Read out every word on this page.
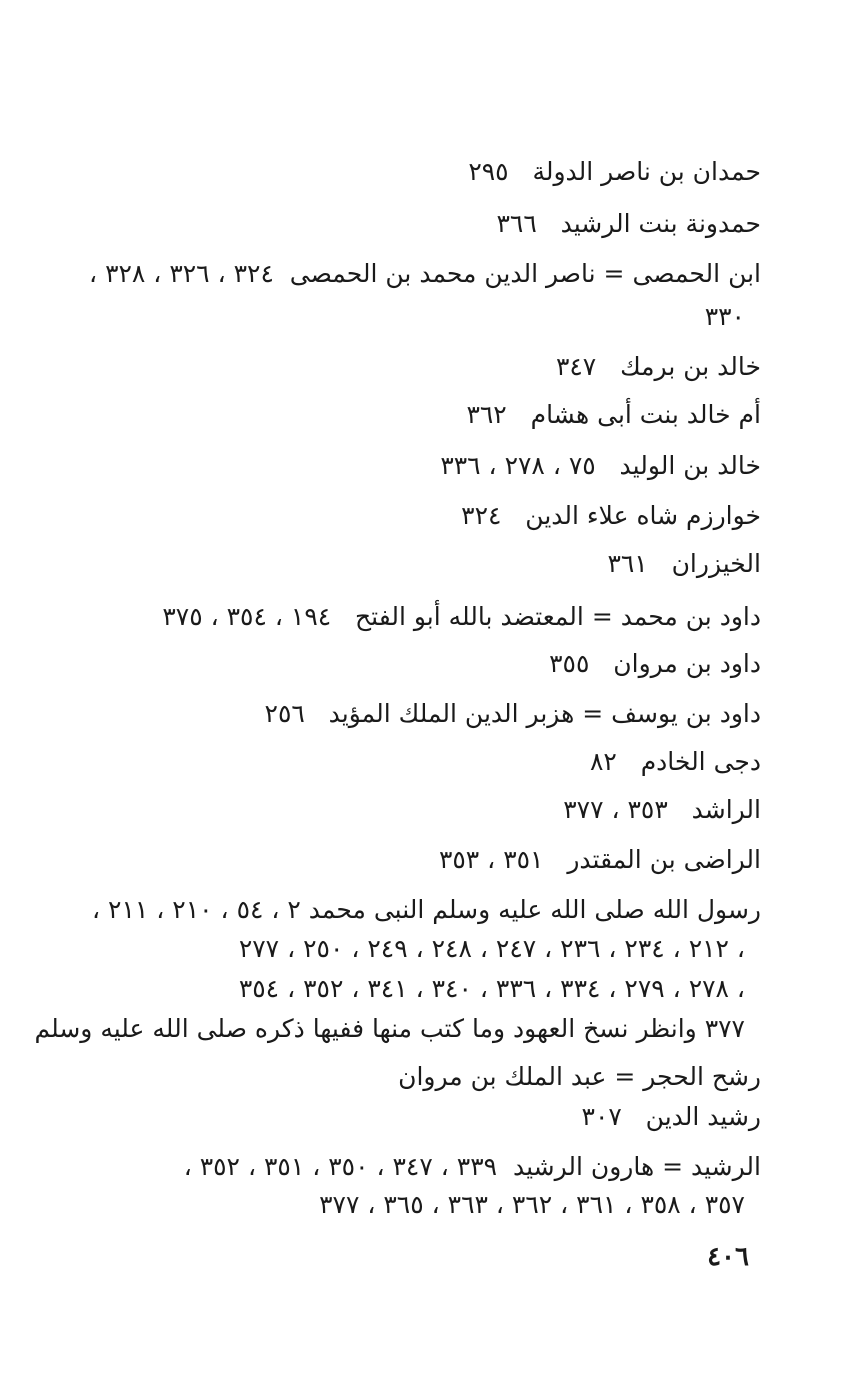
حمدان بن ناصر الدولة   ٢٩٥
حمدونة بنت الرشيد   ٣٦٦
ابن الحمصى = ناصر الدين محمد بن الحمصى  ٣٢٤ ، ٣٢٦ ، ٣٢٨ ،
٣٣٠
خالد بن برمك   ٣٤٧
أم خالد بنت أبى هشام   ٣٦٢
خالد بن الوليد   ٧٥ ، ٢٧٨ ، ٣٣٦
خوارزم شاه علاء الدين   ٣٢٤
الخيزران   ٣٦١
داود بن محمد = المعتضد بالله أبو الفتح   ١٩٤ ، ٣٥٤ ، ٣٧٥
داود بن مروان   ٣٥٥
داود بن يوسف = هزبر الدين الملك المؤيد   ٢٥٦
دجى الخادم   ٨٢
الراشد   ٣٥٣ ، ٣٧٧
الراضى بن المقتدر   ٣٥١ ، ٣٥٣
رسول الله صلى الله عليه وسلم النبى محمد ٢ ، ٥٤ ، ٢١٠ ، ٢١١ ،
٢١٢ ، ٢٣٤ ، ٢٣٦ ، ٢٤٧ ، ٢٤٨ ، ٢٤٩ ، ٢٥٠ ، ٢٧٧ ،
٢٧٨ ، ٢٧٩ ، ٣٣٤ ، ٣٣٦ ، ٣٤٠ ، ٣٤١ ، ٣٥٢ ، ٣٥٤ ،
٣٧٧ وانظر نسخ العهود وما كتب منها ففيها ذكره صلى الله عليه وسلم
رشح الحجر = عبد الملك بن مروان
رشيد الدين   ٣٠٧
الرشيد = هارون الرشيد  ٣٣٩ ، ٣٤٧ ، ٣٥٠ ، ٣٥١ ، ٣٥٢ ،
٣٥٧ ، ٣٥٨ ، ٣٦١ ، ٣٦٢ ، ٣٦٣ ، ٣٦٥ ، ٣٧٧
٤٠٦
